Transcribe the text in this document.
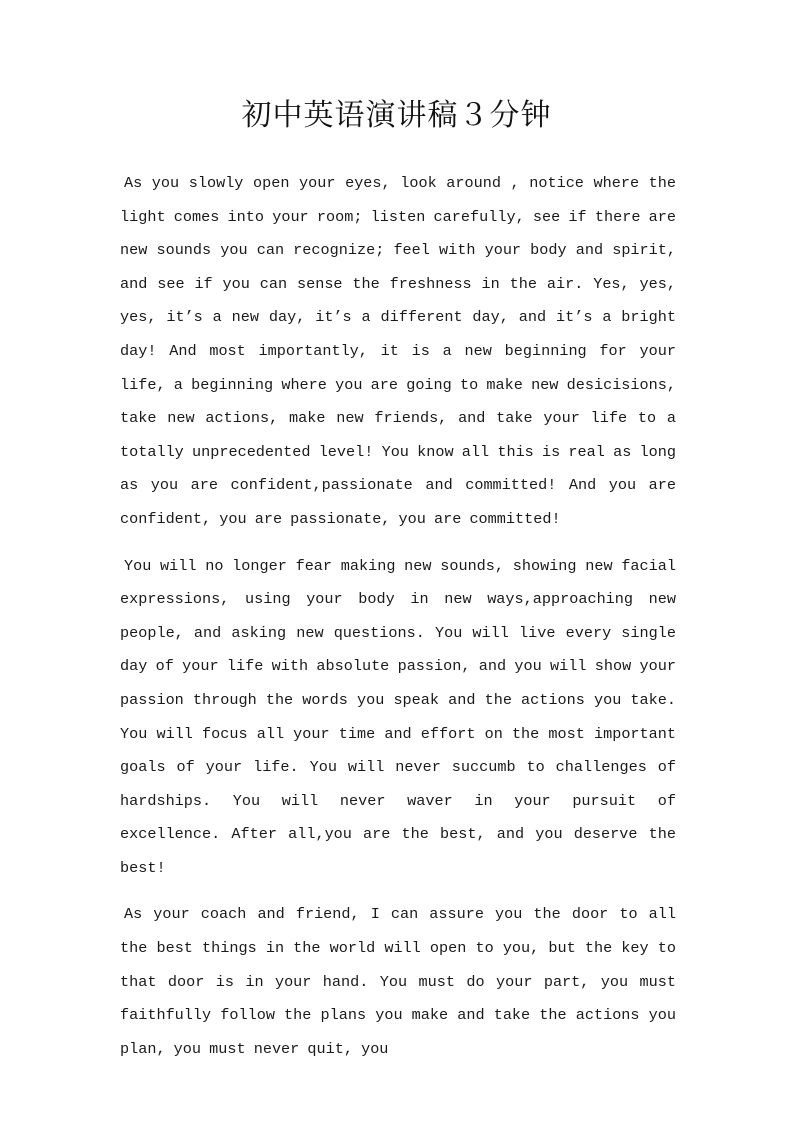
初中英语演讲稿３分钟

As you slowly open your eyes, look around , notice where the light comes into your room; listen carefully, see if there are new sounds you can recognize; feel with your body and spirit, and see if you can sense the freshness in the air. Yes, yes, yes, it’s a new day, it’s a different day, and it’s a bright day! And most importantly, it is a new beginning for your life, a beginning where you are going to make new desicisions, take new actions, make new friends, and take your life to a totally unprecedented level! You know all this is real as long as you are confident,passionate and committed! And you are confident, you are passionate, you are committed!

You will no longer fear making new sounds, showing new facial expressions, using your body in new ways,approaching new people, and asking new questions. You will live every single day of your life with absolute passion, and you will show your passion through the words you speak and the actions you take. You will focus all your time and effort on the most important goals of your life. You will never succumb to challenges of hardships. You will never waver in your pursuit of excellence. After all,you are the best, and you deserve the best!

As your coach and friend, I can assure you the door to all the best things in the world will open to you, but the key to that door is in your hand. You must do your part, you must faithfully follow the plans you make and take the actions you plan, you must never quit, you
